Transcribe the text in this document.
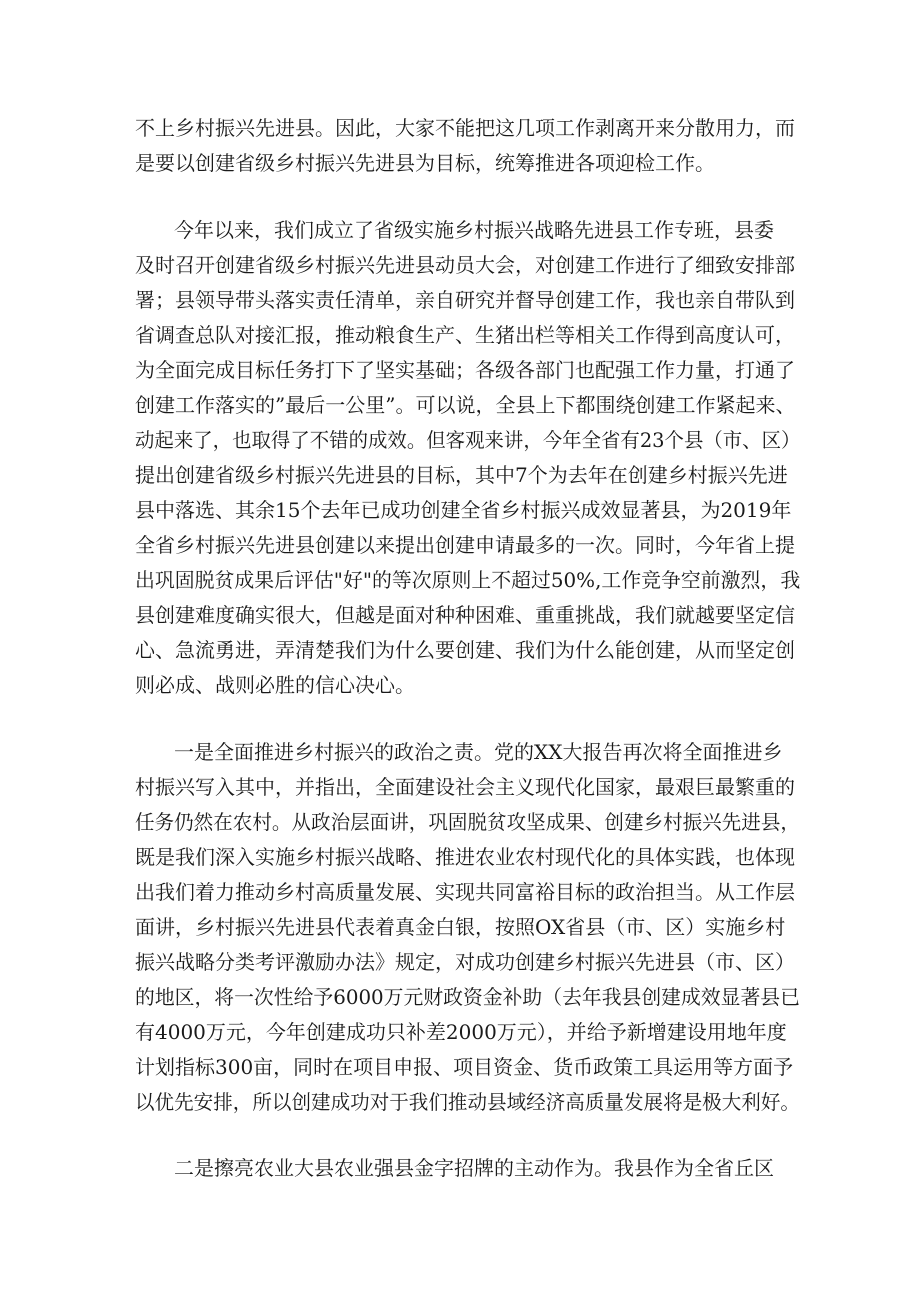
不上乡村振兴先进县。因此，大家不能把这几项工作剥离开来分散用力，而
是要以创建省级乡村振兴先进县为目标，统筹推进各项迎检工作。
今年以来，我们成立了省级实施乡村振兴战略先进县工作专班，县委
及时召开创建省级乡村振兴先进县动员大会，对创建工作进行了细致安排部
署；县领导带头落实责任清单，亲自研究并督导创建工作，我也亲自带队到
省调查总队对接汇报，推动粮食生产、生猪出栏等相关工作得到高度认可，
为全面完成目标任务打下了坚实基础；各级各部门也配强工作力量，打通了
创建工作落实的”最后一公里”。可以说，全县上下都围绕创建工作紧起来、
动起来了，也取得了不错的成效。但客观来讲，今年全省有23个县（市、区）
提出创建省级乡村振兴先进县的目标，其中7个为去年在创建乡村振兴先进
县中落选、其余15个去年已成功创建全省乡村振兴成效显著县，为2019年
全省乡村振兴先进县创建以来提出创建申请最多的一次。同时，今年省上提
出巩固脱贫成果后评估"好"的等次原则上不超过50%,工作竞争空前激烈，我
县创建难度确实很大，但越是面对种种困难、重重挑战，我们就越要坚定信
心、急流勇进，弄清楚我们为什么要创建、我们为什么能创建，从而坚定创
则必成、战则必胜的信心决心。
一是全面推进乡村振兴的政治之责。党的XX大报告再次将全面推进乡
村振兴写入其中，并指出，全面建设社会主义现代化国家，最艰巨最繁重的
任务仍然在农村。从政治层面讲，巩固脱贫攻坚成果、创建乡村振兴先进县，
既是我们深入实施乡村振兴战略、推进农业农村现代化的具体实践，也体现
出我们着力推动乡村高质量发展、实现共同富裕目标的政治担当。从工作层
面讲，乡村振兴先进县代表着真金白银，按照OX省县（市、区）实施乡村
振兴战略分类考评激励办法》规定，对成功创建乡村振兴先进县（市、区）
的地区，将一次性给予6000万元财政资金补助（去年我县创建成效显著县已
有4000万元，今年创建成功只补差2000万元），并给予新增建设用地年度
计划指标300亩，同时在项目申报、项目资金、货币政策工具运用等方面予
以优先安排，所以创建成功对于我们推动县域经济高质量发展将是极大利好。
二是擦亮农业大县农业强县金字招牌的主动作为。我县作为全省丘区
